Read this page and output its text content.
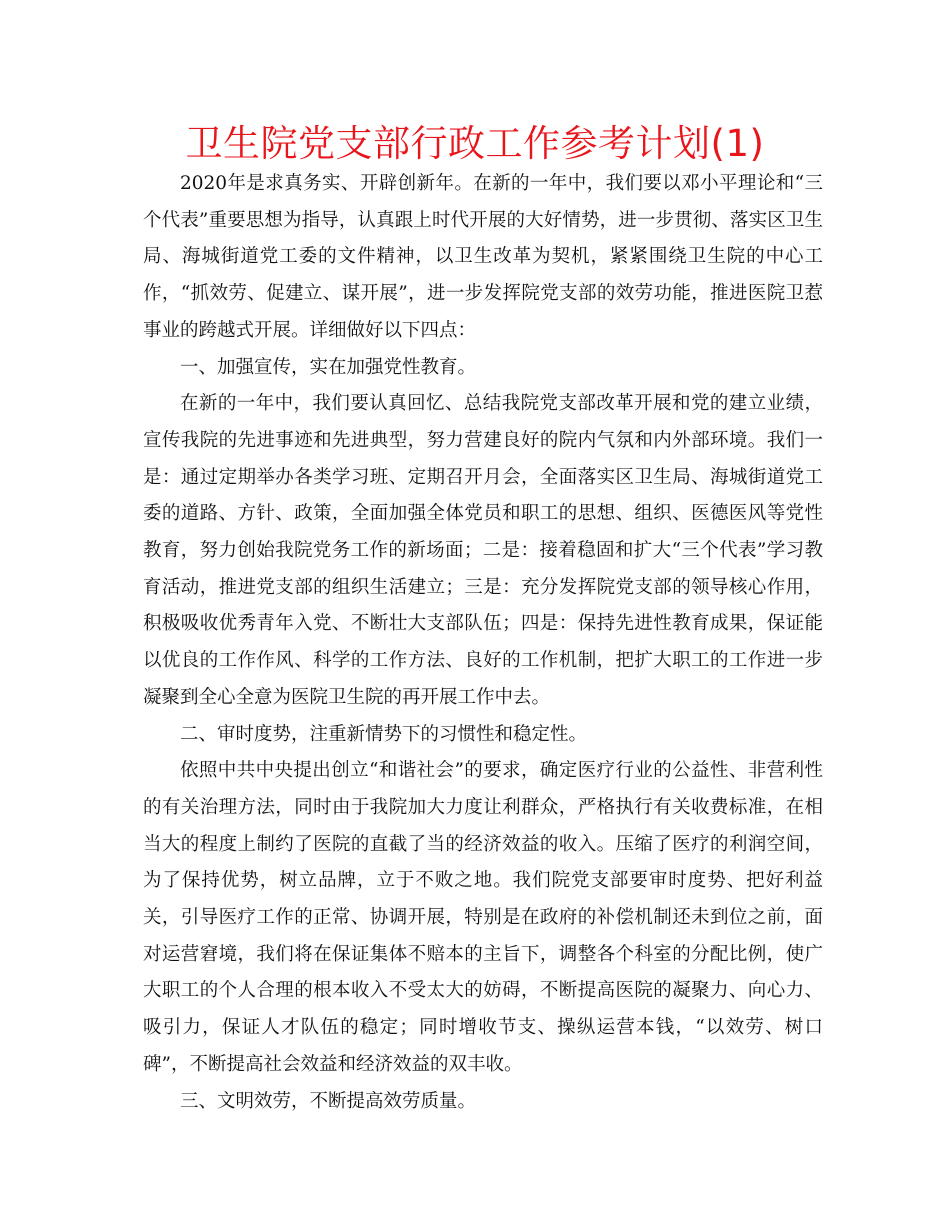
卫生院党支部行政工作参考计划(1)

2020年是求真务实、开辟创新年。在新的一年中，我们要以邓小平理论和“三个代表”重要思想为指导，认真跟上时代开展的大好情势，进一步贯彻、落实区卫生局、海城街道党工委的文件精神，以卫生改革为契机，紧紧围绕卫生院的中心工作，“抓效劳、促建立、谋开展”，进一步发挥院党支部的效劳功能，推进医院卫惹事业的跨越式开展。详细做好以下四点：

一、加强宣传，实在加强党性教育。

在新的一年中，我们要认真回忆、总结我院党支部改革开展和党的建立业绩，宣传我院的先进事迹和先进典型，努力营建良好的院内气氛和内外部环境。我们一是：通过定期举办各类学习班、定期召开月会，全面落实区卫生局、海城街道党工委的道路、方针、政策，全面加强全体党员和职工的思想、组织、医德医风等党性教育，努力创始我院党务工作的新场面；二是：接着稳固和扩大“三个代表”学习教育活动，推进党支部的组织生活建立；三是：充分发挥院党支部的领导核心作用，积极吸收优秀青年入党、不断壮大支部队伍；四是：保持先进性教育成果，保证能以优良的工作作风、科学的工作方法、良好的工作机制，把扩大职工的工作进一步凝聚到全心全意为医院卫生院的再开展工作中去。

二、审时度势，注重新情势下的习惯性和稳定性。

依照中共中央提出创立“和谐社会”的要求，确定医疗行业的公益性、非营利性的有关治理方法，同时由于我院加大力度让利群众，严格执行有关收费标准，在相当大的程度上制约了医院的直截了当的经济效益的收入。压缩了医疗的利润空间，为了保持优势，树立品牌，立于不败之地。我们院党支部要审时度势、把好利益关，引导医疗工作的正常、协调开展，特别是在政府的补偿机制还未到位之前，面对运营窘境，我们将在保证集体不赔本的主旨下，调整各个科室的分配比例，使广大职工的个人合理的根本收入不受太大的妨碍，不断提高医院的凝聚力、向心力、吸引力，保证人才队伍的稳定；同时增收节支、操纵运营本钱，“以效劳、树口碑”，不断提高社会效益和经济效益的双丰收。

三、文明效劳，不断提高效劳质量。
